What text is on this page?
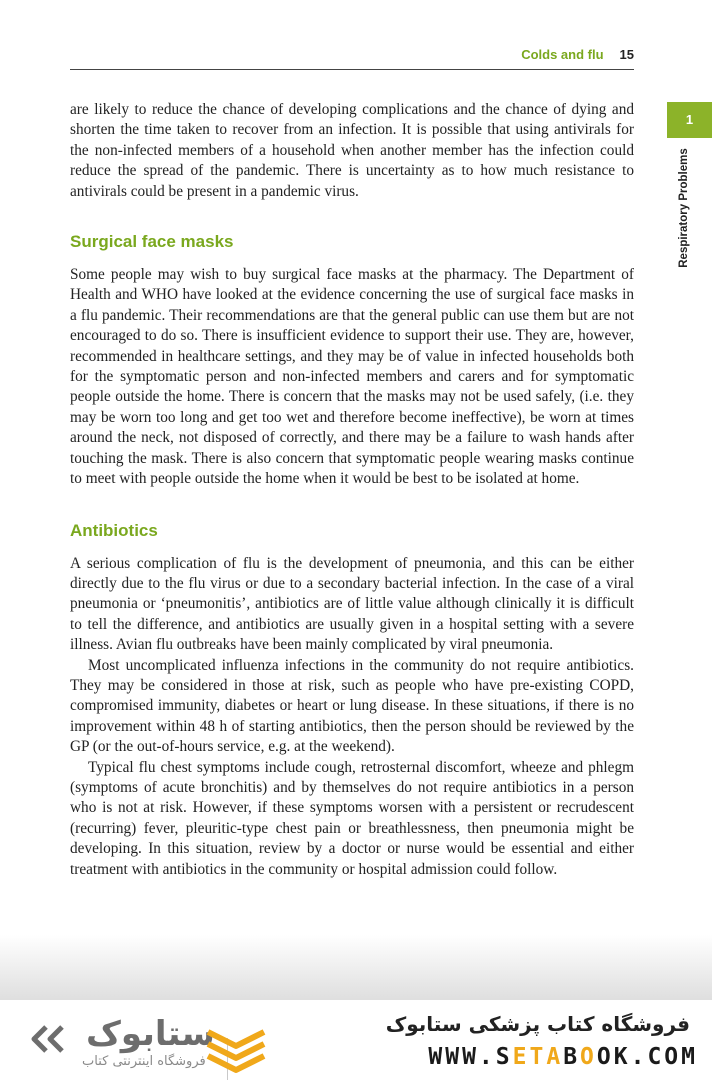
Colds and flu 15
1
Respiratory Problems

are likely to reduce the chance of developing complications and the chance of dying and shorten the time taken to recover from an infection. It is possible that using antivirals for the non-infected members of a household when another member has the infection could reduce the spread of the pandemic. There is uncertainty as to how much resistance to antivirals could be present in a pandemic virus.

Surgical face masks

Some people may wish to buy surgical face masks at the pharmacy. The Department of Health and WHO have looked at the evidence concerning the use of surgical face masks in a flu pandemic. Their recommendations are that the general public can use them but are not encouraged to do so. There is insufficient evidence to support their use. They are, however, recommended in healthcare settings, and they may be of value in infected households both for the symptomatic person and non-infected members and carers and for symptomatic people outside the home. There is concern that the masks may not be used safely, (i.e. they may be worn too long and get too wet and therefore become ineffective), be worn at times around the neck, not disposed of correctly, and there may be a failure to wash hands after touching the mask. There is also concern that symptomatic people wearing masks continue to meet with people outside the home when it would be best to be isolated at home.

Antibiotics

A serious complication of flu is the development of pneumonia, and this can be either directly due to the flu virus or due to a secondary bacterial infection. In the case of a viral pneumonia or ‘pneumonitis’, antibiotics are of little value although clinically it is difficult to tell the difference, and antibiotics are usually given in a hospital setting with a severe illness. Avian flu outbreaks have been mainly complicated by viral pneumonia.

Most uncomplicated influenza infections in the community do not require antibiotics. They may be considered in those at risk, such as people who have pre-existing COPD, compromised immunity, diabetes or heart or lung disease. In these situations, if there is no improvement within 48 h of starting antibiotics, then the person should be reviewed by the GP (or the out-of-hours service, e.g. at the weekend).

Typical flu chest symptoms include cough, retrosternal discomfort, wheeze and phlegm (symptoms of acute bronchitis) and by themselves do not require antibiotics in a person who is not at risk. However, if these symptoms worsen with a persistent or recrudescent (recurring) fever, pleuritic-type chest pain or breathlessness, then pneumonia might be developing. In this situation, review by a doctor or nurse would be essential and either treatment with antibiotics in the community or hospital admission could follow.

ستابوک
فروشگاه اینترنتی کتاب
فروشگاه کتاب پزشکی ستابوک
WWW.SETABOOK.COM
